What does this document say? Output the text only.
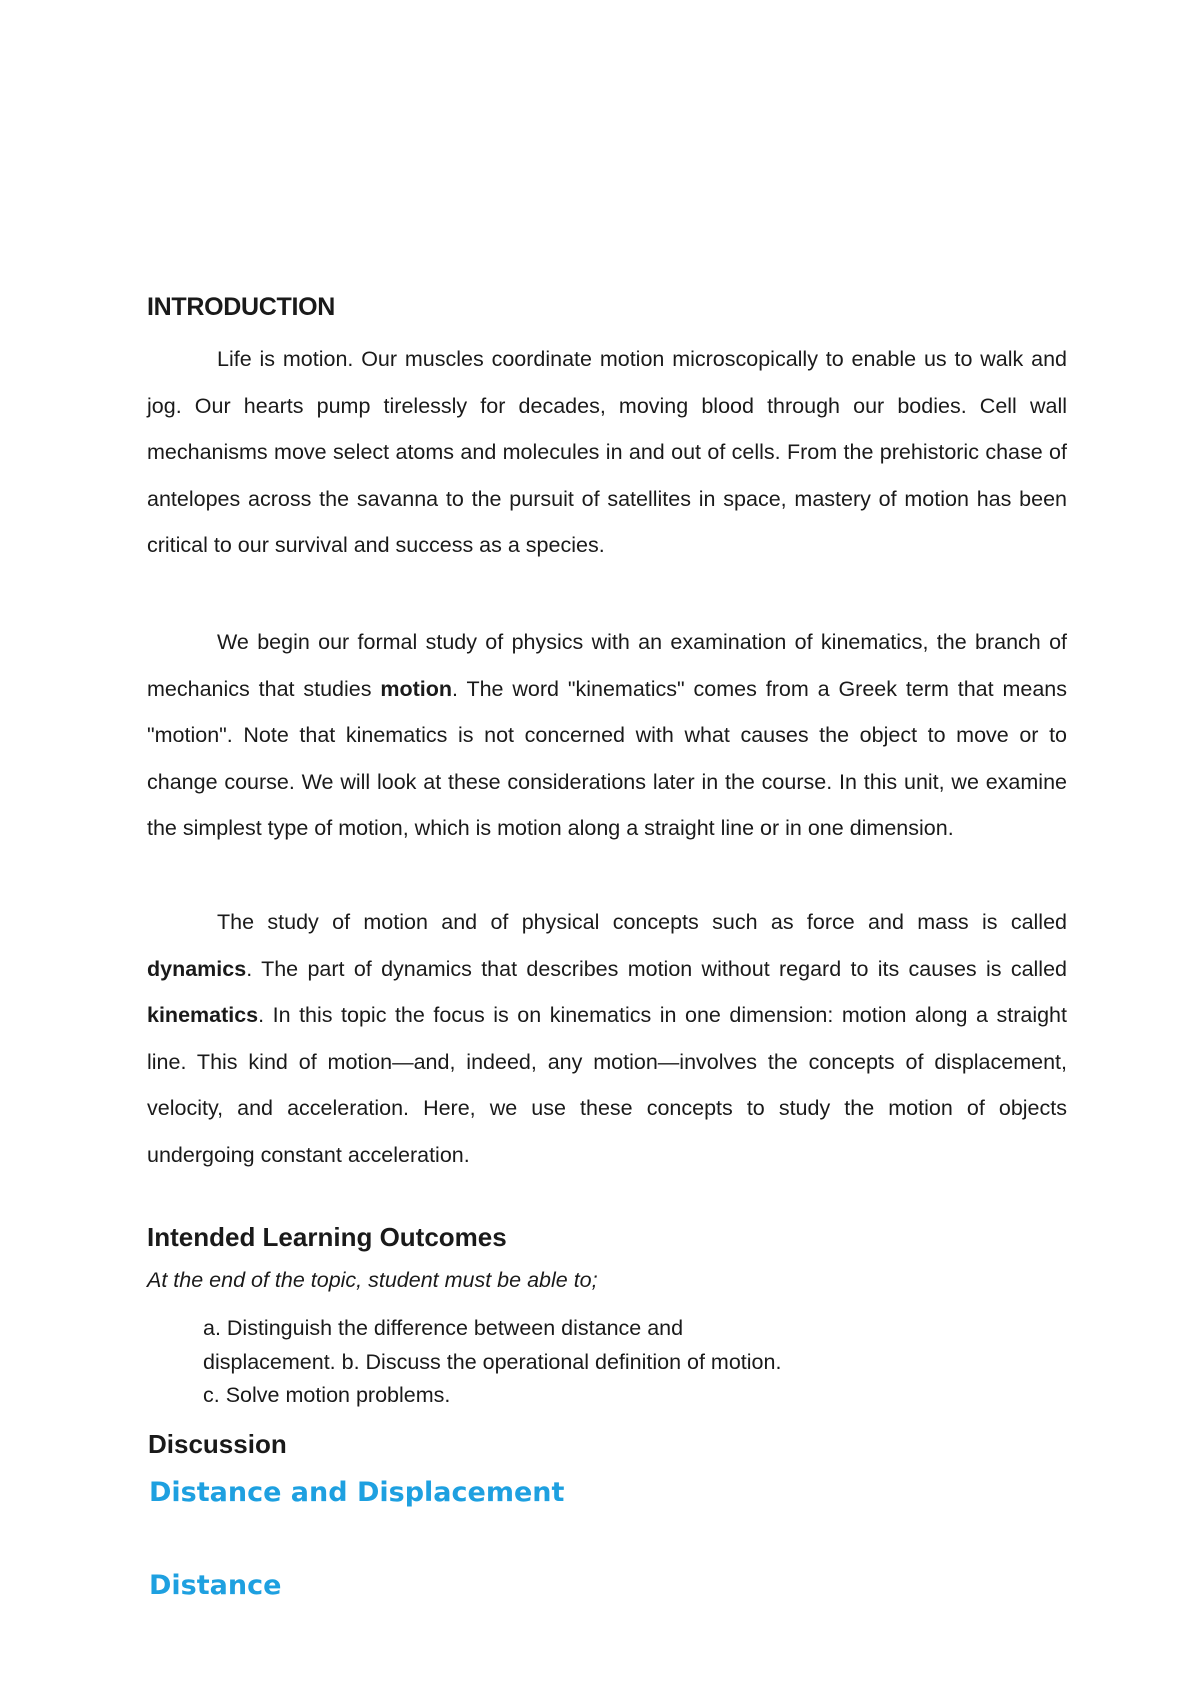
INTRODUCTION

Life is motion. Our muscles coordinate motion microscopically to enable us to walk and jog. Our hearts pump tirelessly for decades, moving blood through our bodies. Cell wall mechanisms move select atoms and molecules in and out of cells. From the prehistoric chase of antelopes across the savanna to the pursuit of satellites in space, mastery of motion has been critical to our survival and success as a species.

We begin our formal study of physics with an examination of kinematics, the branch of mechanics that studies motion. The word "kinematics" comes from a Greek term that means "motion". Note that kinematics is not concerned with what causes the object to move or to change course. We will look at these considerations later in the course. In this unit, we examine the simplest type of motion, which is motion along a straight line or in one dimension.

The study of motion and of physical concepts such as force and mass is called dynamics. The part of dynamics that describes motion without regard to its causes is called kinematics. In this topic the focus is on kinematics in one dimension: motion along a straight line. This kind of motion—and, indeed, any motion—involves the concepts of displacement, velocity, and acceleration. Here, we use these concepts to study the motion of objects undergoing constant acceleration.

Intended Learning Outcomes

At the end of the topic, student must be able to;

a. Distinguish the difference between distance and
displacement. b. Discuss the operational definition of motion.
c. Solve motion problems.
Discussion
Distance and Displacement
Distance
